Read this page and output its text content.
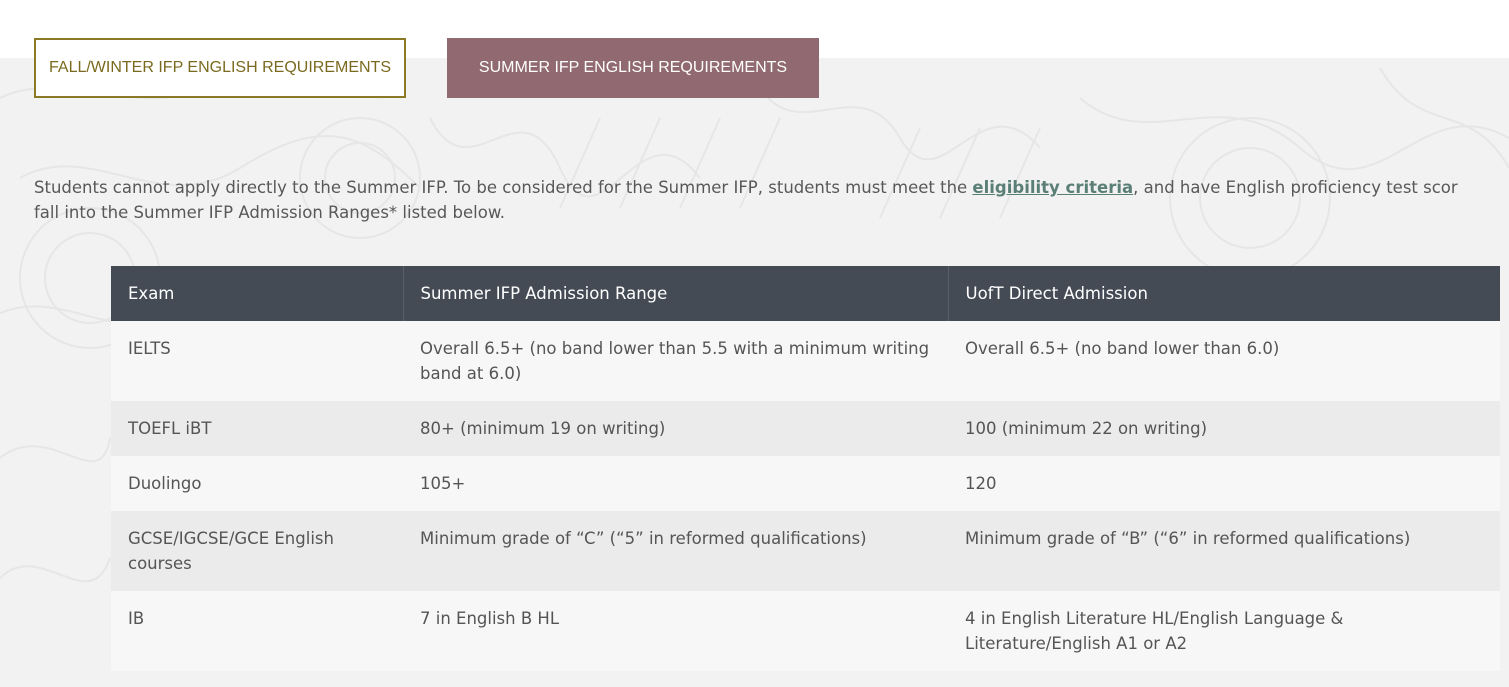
FALL/WINTER IFP ENGLISH REQUIREMENTS	SUMMER IFP ENGLISH REQUIREMENTS
Students cannot apply directly to the Summer IFP. To be considered for the Summer IFP, students must meet the eligibility criteria, and have English proficiency test scor
fall into the Summer IFP Admission Ranges* listed below.
Exam	Summer IFP Admission Range	UofT Direct Admission
IELTS	Overall 6.5+ (no band lower than 5.5 with a minimum writing band at 6.0)	Overall 6.5+ (no band lower than 6.0)
TOEFL iBT	80+ (minimum 19 on writing)	100 (minimum 22 on writing)
Duolingo	105+	120
GCSE/IGCSE/GCE English courses	Minimum grade of “C” (“5” in reformed qualifications)	Minimum grade of “B” (“6” in reformed qualifications)
IB	7 in English B HL	4 in English Literature HL/English Language & Literature/English A1 or A2
